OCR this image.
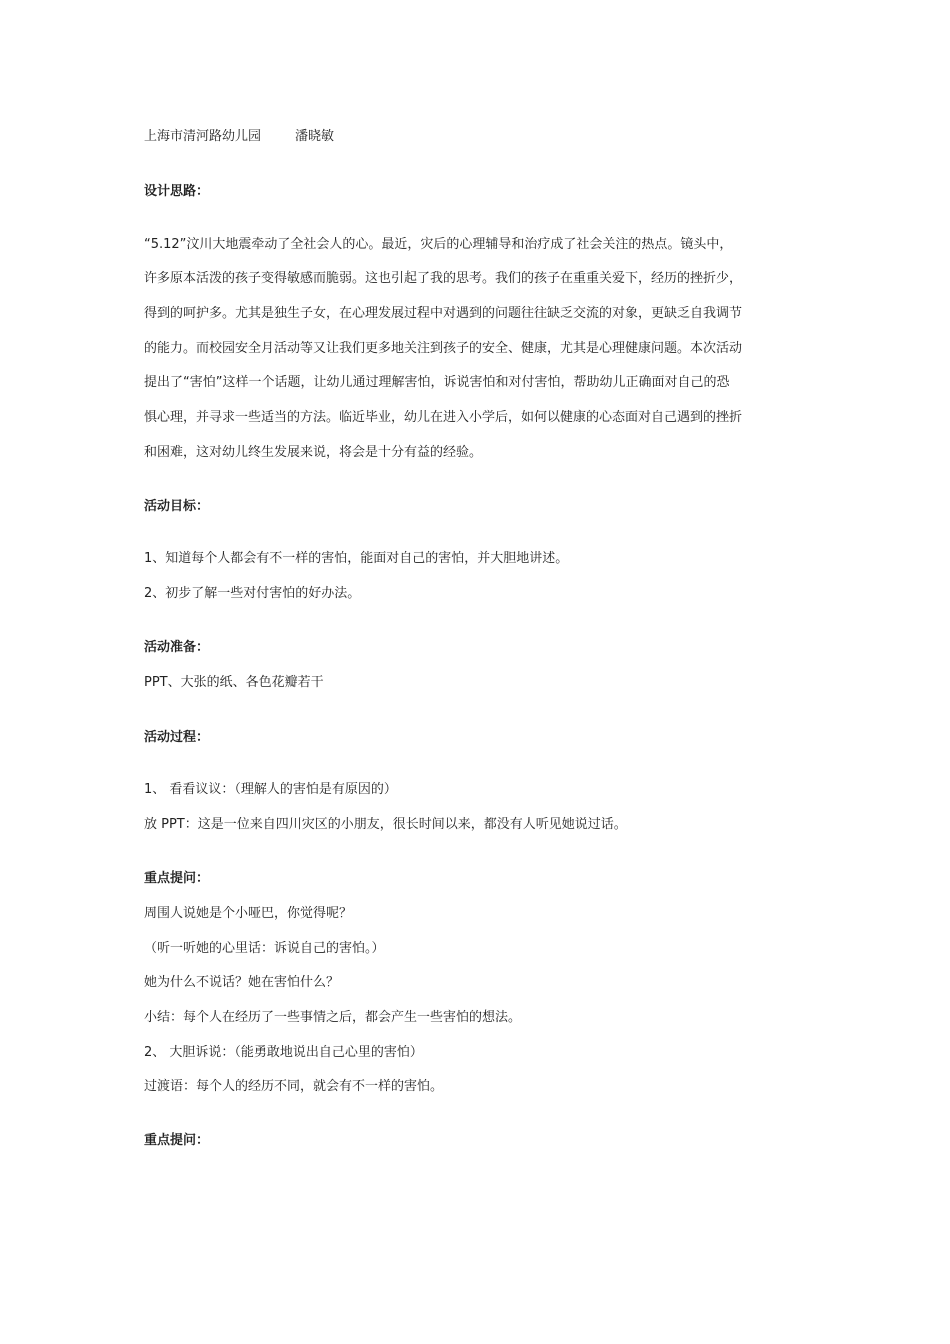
上海市清河路幼儿园	潘晓敏
设计思路：
“5.12”汶川大地震牵动了全社会人的心。最近，灾后的心理辅导和治疗成了社会关注的热点。镜头中，
许多原本活泼的孩子变得敏感而脆弱。这也引起了我的思考。我们的孩子在重重关爱下，经历的挫折少，
得到的呵护多。尤其是独生子女，在心理发展过程中对遇到的问题往往缺乏交流的对象，更缺乏自我调节
的能力。而校园安全月活动等又让我们更多地关注到孩子的安全、健康，尤其是心理健康问题。本次活动
提出了“害怕”这样一个话题，让幼儿通过理解害怕，诉说害怕和对付害怕，帮助幼儿正确面对自己的恐
惧心理，并寻求一些适当的方法。临近毕业，幼儿在进入小学后，如何以健康的心态面对自己遇到的挫折
和困难，这对幼儿终生发展来说，将会是十分有益的经验。
活动目标：
1、知道每个人都会有不一样的害怕，能面对自己的害怕，并大胆地讲述。
2、初步了解一些对付害怕的好办法。
活动准备：
PPT、大张的纸、各色花瓣若干
活动过程：
1、 看看议议：（理解人的害怕是有原因的）
放 PPT：这是一位来自四川灾区的小朋友，很长时间以来，都没有人听见她说过话。
重点提问：
周围人说她是个小哑巴，你觉得呢？
（听一听她的心里话：诉说自己的害怕。）
她为什么不说话？她在害怕什么？
小结：每个人在经历了一些事情之后，都会产生一些害怕的想法。
2、 大胆诉说：（能勇敢地说出自己心里的害怕）
过渡语：每个人的经历不同，就会有不一样的害怕。
重点提问：
